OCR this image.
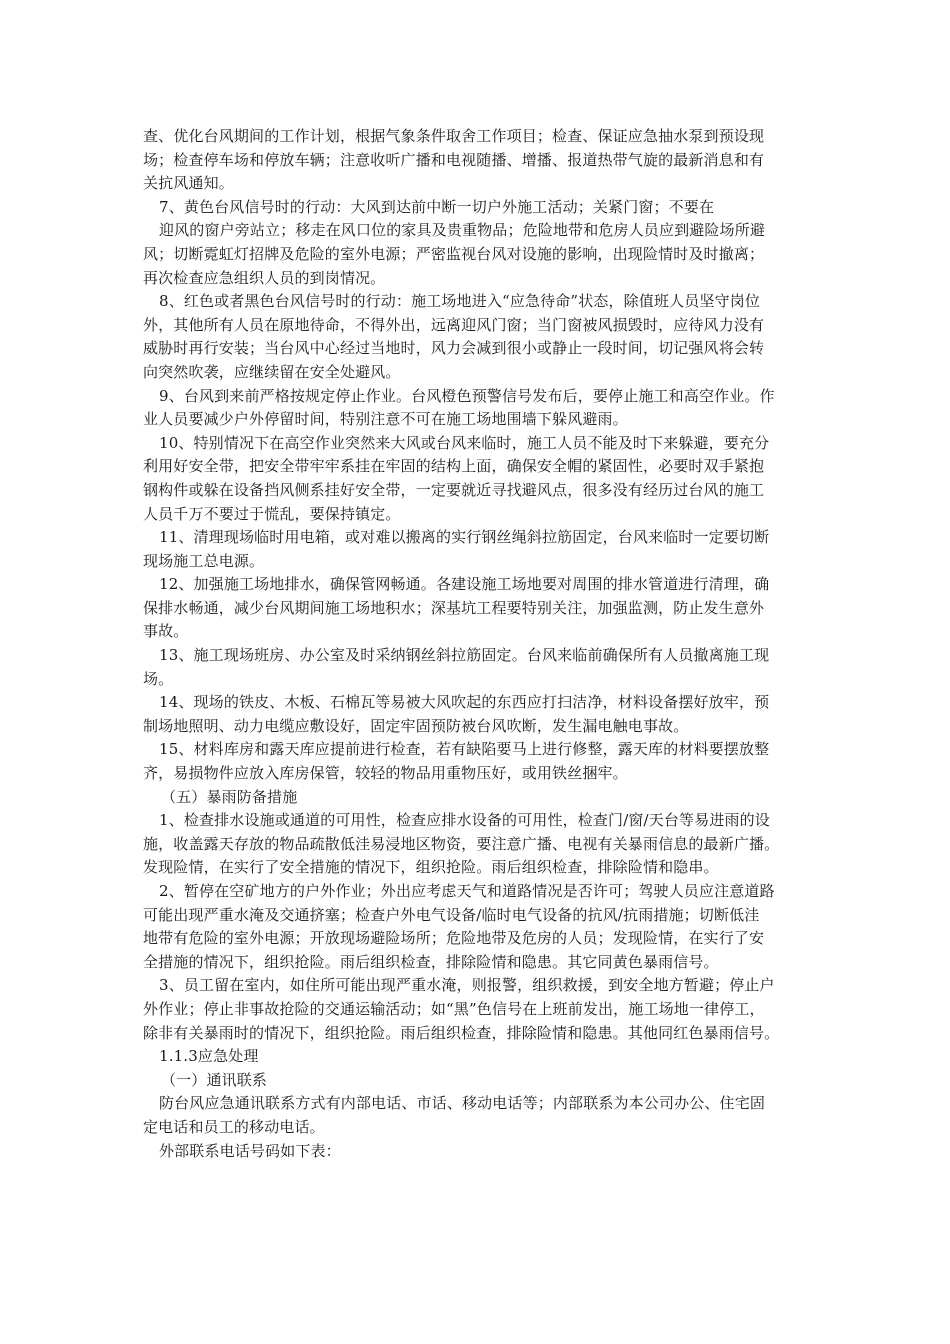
查、优化台风期间的工作计划，根据气象条件取舍工作项目；检查、保证应急抽水泵到预设现
场；检查停车场和停放车辆；注意收听广播和电视随播、增播、报道热带气旋的最新消息和有
关抗风通知。
7、黄色台风信号时的行动：大风到达前中断一切户外施工活动；关紧门窗；不要在
迎风的窗户旁站立；移走在风口位的家具及贵重物品；危险地带和危房人员应到避险场所避
风；切断霓虹灯招牌及危险的室外电源；严密监视台风对设施的影响，出现险情时及时撤离；
再次检查应急组织人员的到岗情况。
8、红色或者黑色台风信号时的行动：施工场地进入“应急待命”状态，除值班人员坚守岗位
外，其他所有人员在原地待命，不得外出，远离迎风门窗；当门窗被风损毁时，应待风力没有
威胁时再行安装；当台风中心经过当地时，风力会减到很小或静止一段时间，切记强风将会转
向突然吹袭，应继续留在安全处避风。
9、台风到来前严格按规定停止作业。台风橙色预警信号发布后，要停止施工和高空作业。作
业人员要减少户外停留时间，特别注意不可在施工场地围墙下躲风避雨。
10、特别情况下在高空作业突然来大风或台风来临时，施工人员不能及时下来躲避，要充分
利用好安全带，把安全带牢牢系挂在牢固的结构上面，确保安全帽的紧固性，必要时双手紧抱
钢构件或躲在设备挡风侧系挂好安全带，一定要就近寻找避风点，很多没有经历过台风的施工
人员千万不要过于慌乱，要保持镇定。
11、清理现场临时用电箱，或对难以搬离的实行钢丝绳斜拉筋固定，台风来临时一定要切断
现场施工总电源。
12、加强施工场地排水，确保管网畅通。各建设施工场地要对周围的排水管道进行清理，确
保排水畅通，减少台风期间施工场地积水；深基坑工程要特别关注，加强监测，防止发生意外
事故。
13、施工现场班房、办公室及时采纳钢丝斜拉筋固定。台风来临前确保所有人员撤离施工现
场。
14、现场的铁皮、木板、石棉瓦等易被大风吹起的东西应打扫洁净，材料设备摆好放牢，预
制场地照明、动力电缆应敷设好，固定牢固预防被台风吹断，发生漏电触电事故。
15、材料库房和露天库应提前进行检查，若有缺陷要马上进行修整，露天库的材料要摆放整
齐，易损物件应放入库房保管，较轻的物品用重物压好，或用铁丝捆牢。
（五）暴雨防备措施
1、检查排水设施或通道的可用性，检查应排水设备的可用性，检查门/窗/天台等易进雨的设
施，收盖露天存放的物品疏散低洼易浸地区物资，要注意广播、电视有关暴雨信息的最新广播。
发现险情，在实行了安全措施的情况下，组织抢险。雨后组织检查，排除险情和隐串。
2、暂停在空矿地方的户外作业；外出应考虑天气和道路情况是否许可；驾驶人员应注意道路
可能出现严重水淹及交通挤塞；检查户外电气设备/临时电气设备的抗风/抗雨措施；切断低洼
地带有危险的室外电源；开放现场避险场所；危险地带及危房的人员；发现险情，在实行了安
全措施的情况下，组织抢险。雨后组织检查，排除险情和隐患。其它同黄色暴雨信号。
3、员工留在室内，如住所可能出现严重水淹，则报警，组织救援，到安全地方暂避；停止户
外作业；停止非事故抢险的交通运输活动；如“黑”色信号在上班前发出，施工场地一律停工，
除非有关暴雨时的情况下，组织抢险。雨后组织检查，排除险情和隐患。其他同红色暴雨信号。
1.1.3应急处理
（一）通讯联系
防台风应急通讯联系方式有内部电话、市话、移动电话等；内部联系为本公司办公、住宅固
定电话和员工的移动电话。
外部联系电话号码如下表：
